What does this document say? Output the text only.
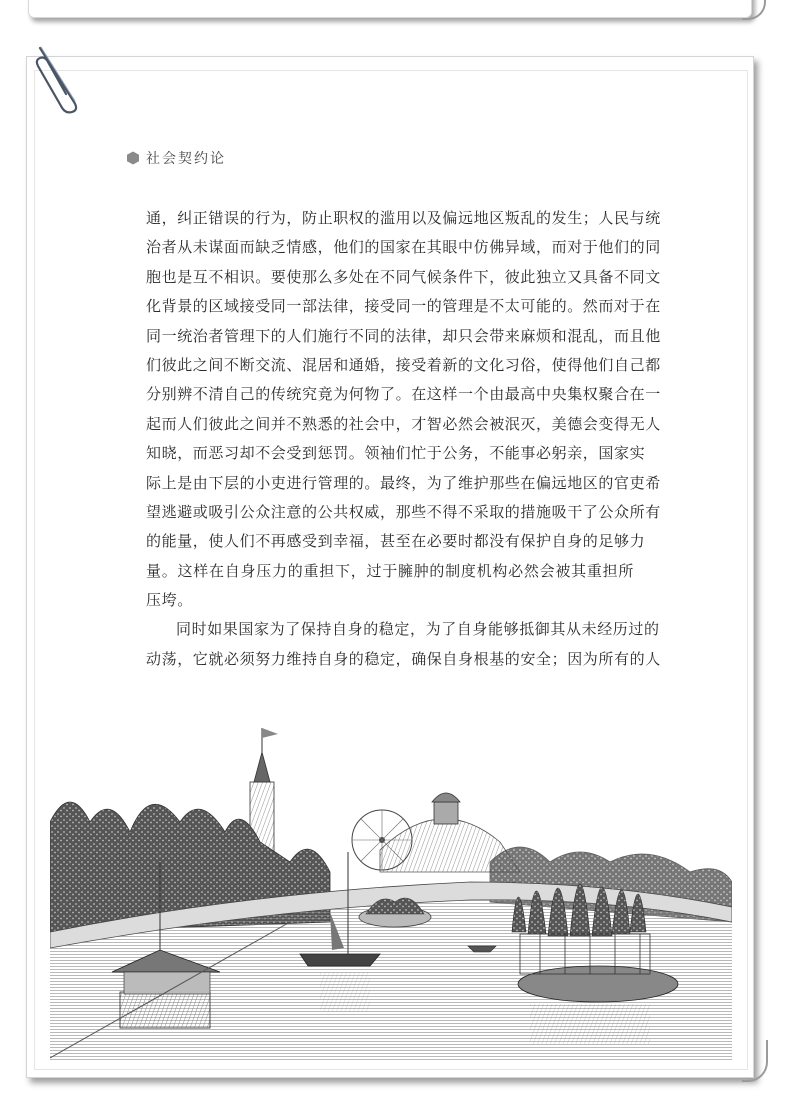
社会契约论
通，纠正错误的行为，防止职权的滥用以及偏远地区叛乱的发生；人民与统
治者从未谋面而缺乏情感，他们的国家在其眼中仿佛异域，而对于他们的同
胞也是互不相识。要使那么多处在不同气候条件下，彼此独立又具备不同文
化背景的区域接受同一部法律，接受同一的管理是不太可能的。然而对于在
同一统治者管理下的人们施行不同的法律，却只会带来麻烦和混乱，而且他
们彼此之间不断交流、混居和通婚，接受着新的文化习俗，使得他们自己都
分别辨不清自己的传统究竟为何物了。在这样一个由最高中央集权聚合在一
起而人们彼此之间并不熟悉的社会中，才智必然会被泯灭，美德会变得无人
知晓，而恶习却不会受到惩罚。领袖们忙于公务，不能事必躬亲，国家实
际上是由下层的小吏进行管理的。最终，为了维护那些在偏远地区的官吏希
望逃避或吸引公众注意的公共权威，那些不得不采取的措施吸干了公众所有
的能量，使人们不再感受到幸福，甚至在必要时都没有保护自身的足够力
量。这样在自身压力的重担下，过于臃肿的制度机构必然会被其重担所
压垮。
同时如果国家为了保持自身的稳定，为了自身能够抵御其从未经历过的
动荡，它就必须努力维持自身的稳定，确保自身根基的安全；因为所有的人
